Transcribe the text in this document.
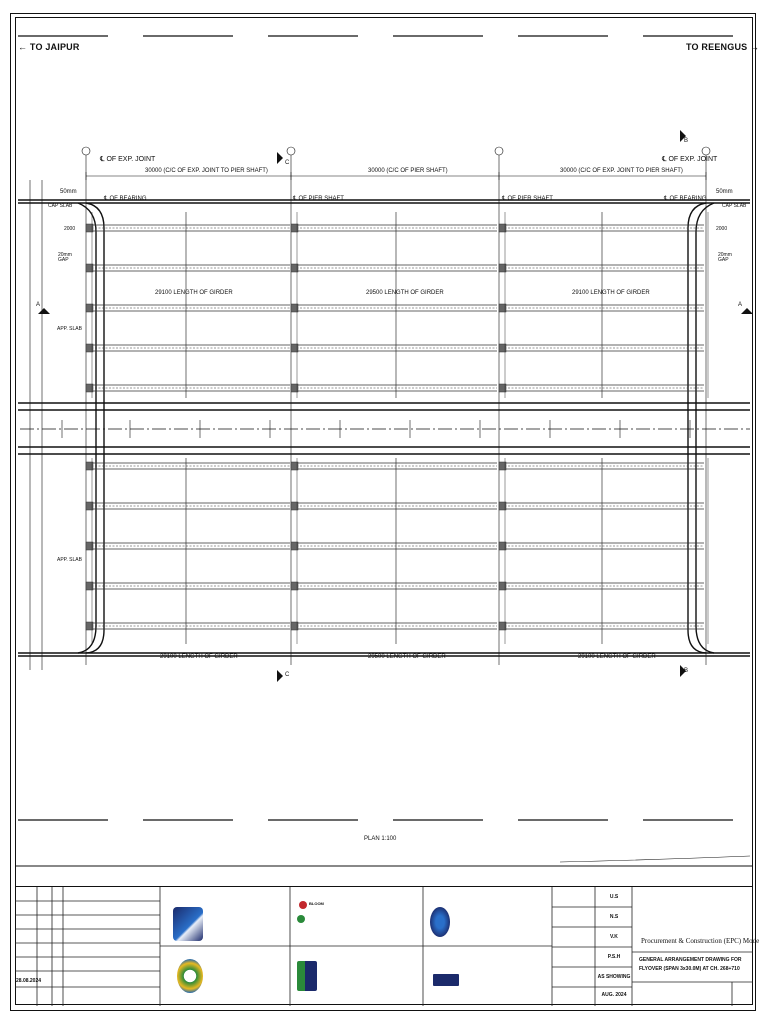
← TO JAIPUR	TO REENGUS →
℄ OF EXP. JOINT	℄ OF EXP. JOINT
30000 (C/C OF EXP. JOINT TO PIER SHAFT)	30000 (C/C OF PIER SHAFT)	30000 (C/C OF EXP. JOINT TO PIER SHAFT)
℄ OF BEARING	℄ OF BEARING
℄ OF PIER SHAFT	℄ OF PIER SHAFT
50mm	50mm
CAP SLAB	CAP SLAB
20mm GAP
20mm GAP
APP. SLAB
APP. SLAB
2000	2000
29100 LENGTH OF GIRDER	29500 LENGTH OF GIRDER	29100 LENGTH OF GIRDER
29100 LENGTH OF GIRDER	29500 LENGTH OF GIRDER	29100 LENGTH OF GIRDER
C
B
C
B
A
A
PLAN 1:100
28.08.2024
U.S
N.S
V.K
P.S.H
AS SHOWING
AUG. 2024
Procurement & Construction (EPC) Mode
GENERAL ARRANGEMENT DRAWING FOR
FLYOVER (SPAN 3x30.0M) AT CH. 268+710
BLOOM
